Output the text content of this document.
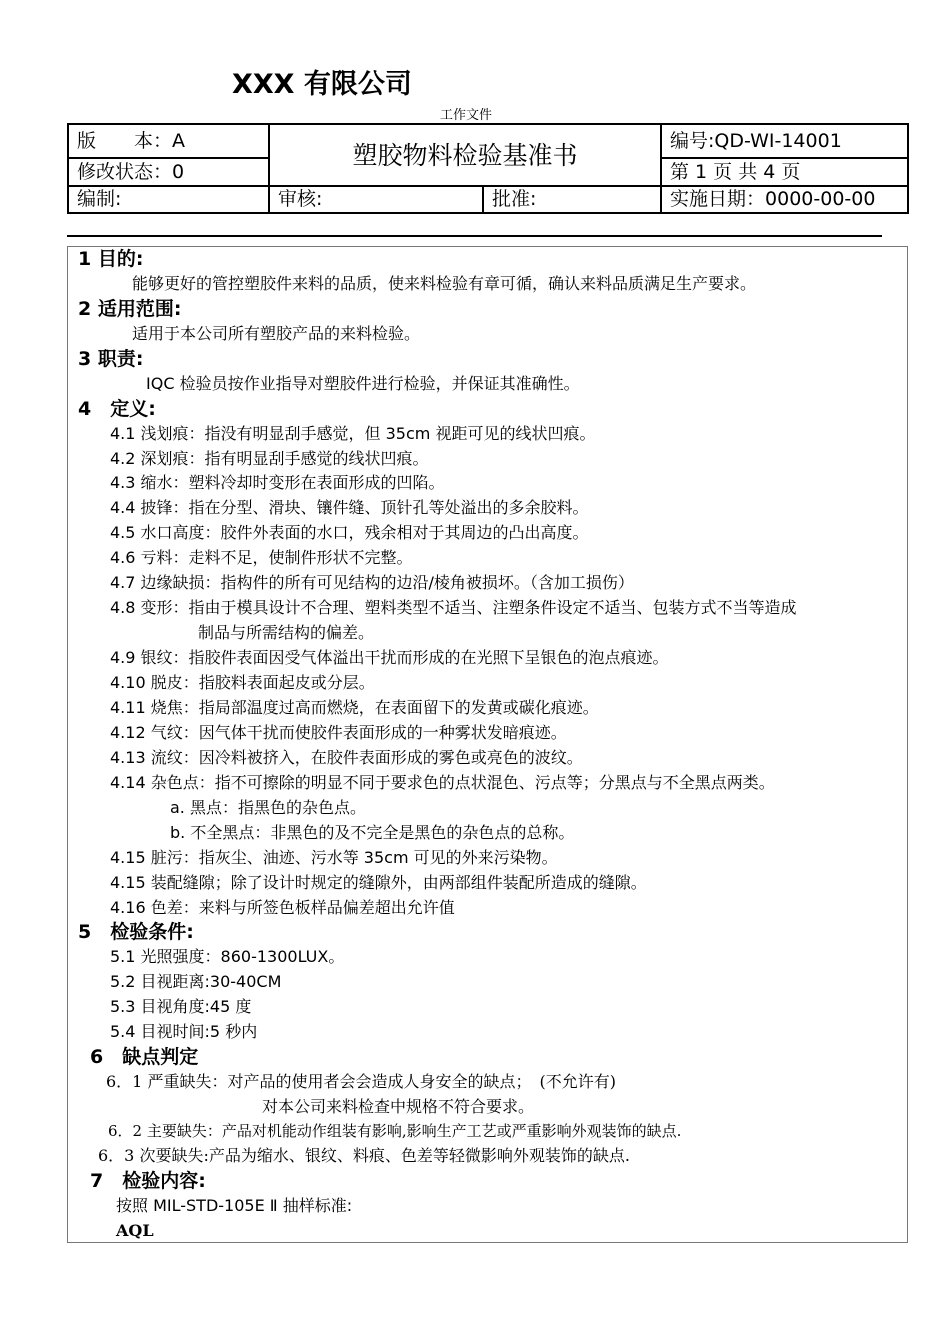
XXX 有限公司
工作文件
版　　本：A	塑胶物料检验基准书		编号:QD-WI-14001
修改状态：0			第 1 页 共 4 页
编制:	审核:	批准:	实施日期：0000-00-00
1 目的:
能够更好的管控塑胶件来料的品质，使来料检验有章可循，确认来料品质满足生产要求。
2 适用范围:
适用于本公司所有塑胶产品的来料检验。
3 职责:
IQC 检验员按作业指导对塑胶件进行检验，并保证其准确性。
4　定义:
4.1 浅划痕：指没有明显刮手感觉，但 35cm 视距可见的线状凹痕。
4.2 深划痕：指有明显刮手感觉的线状凹痕。
4.3 缩水：塑料冷却时变形在表面形成的凹陷。
4.4 披锋：指在分型、滑块、镶件缝、顶针孔等处溢出的多余胶料。
4.5 水口高度：胶件外表面的水口，残余相对于其周边的凸出高度。
4.6 亏料：走料不足，使制件形状不完整。
4.7 边缘缺损：指构件的所有可见结构的边沿/棱角被损坏。（含加工损伤）
4.8 变形：指由于模具设计不合理、塑料类型不适当、注塑条件设定不适当、包装方式不当等造成
制品与所需结构的偏差。
4.9 银纹：指胶件表面因受气体溢出干扰而形成的在光照下呈银色的泡点痕迹。
4.10 脱皮：指胶料表面起皮或分层。
4.11 烧焦：指局部温度过高而燃烧，在表面留下的发黄或碳化痕迹。
4.12 气纹：因气体干扰而使胶件表面形成的一种雾状发暗痕迹。
4.13 流纹：因冷料被挤入，在胶件表面形成的雾色或亮色的波纹。
4.14 杂色点：指不可擦除的明显不同于要求色的点状混色、污点等；分黑点与不全黑点两类。
a. 黑点：指黑色的杂色点。
b. 不全黑点：非黑色的及不完全是黑色的杂色点的总称。
4.15 脏污：指灰尘、油迹、污水等 35cm 可见的外来污染物。
4.15 装配缝隙；除了设计时规定的缝隙外，由两部组件装配所造成的缝隙。
4.16 色差：来料与所签色板样品偏差超出允许值
5　检验条件:
5.1 光照强度：860-1300LUX。
5.2 目视距离:30-40CM
5.3 目视角度:45 度
5.4 目视时间:5 秒内
6　缺点判定
6．1 严重缺失：对产品的使用者会会造成人身安全的缺点；　(不允许有)
对本公司来料检查中规格不符合要求。
6．2 主要缺失：产品对机能动作组装有影响,影响生产工艺或严重影响外观装饰的缺点.
6．3 次要缺失:产品为缩水、银纹、料痕、色差等轻微影响外观装饰的缺点.
7　检验内容:
按照 MIL-STD-105E Ⅱ 抽样标准:
AQL
